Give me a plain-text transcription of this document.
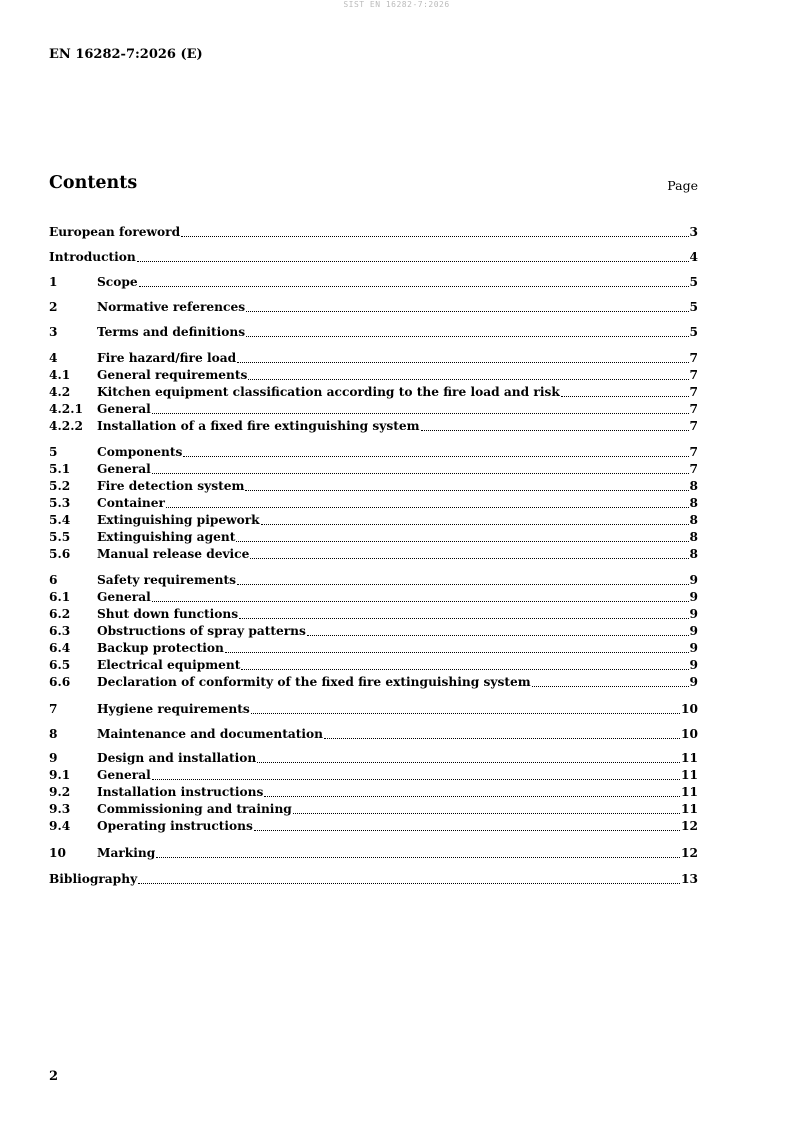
SIST EN 16282-7:2026
EN 16282-7:2026 (E)
Contents	Page
European foreword	3
Introduction	4
1	Scope	5
2	Normative references	5
3	Terms and definitions	5
4	Fire hazard/fire load	7
4.1	General requirements	7
4.2	Kitchen equipment classification according to the fire load and risk	7
4.2.1	General	7
4.2.2	Installation of a fixed fire extinguishing system	7
5	Components	7
5.1	General	7
5.2	Fire detection system	8
5.3	Container	8
5.4	Extinguishing pipework	8
5.5	Extinguishing agent	8
5.6	Manual release device	8
6	Safety requirements	9
6.1	General	9
6.2	Shut down functions	9
6.3	Obstructions of spray patterns	9
6.4	Backup protection	9
6.5	Electrical equipment	9
6.6	Declaration of conformity of the fixed fire extinguishing system	9
7	Hygiene requirements	10
8	Maintenance and documentation	10
9	Design and installation	11
9.1	General	11
9.2	Installation instructions	11
9.3	Commissioning and training	11
9.4	Operating instructions	12
10	Marking	12
Bibliography	13
2
